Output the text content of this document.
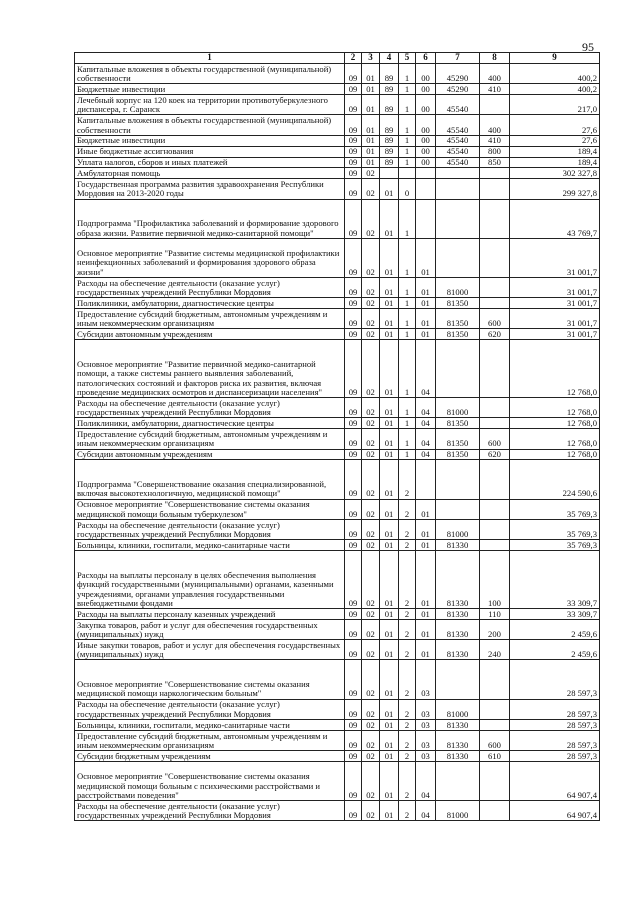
95
1	2	3	4	5	6	7	8	9
Капитальные вложения в объекты государственной (муниципальной) собственности	09	01	89	1	00	45290	400	400,2
Бюджетные инвестиции	09	01	89	1	00	45290	410	400,2
Лечебный корпус на 120 коек на территории противотуберкулезного диспансера, г. Саранск	09	01	89	1	00	45540		217,0
Капитальные вложения в объекты государственной (муниципальной) собственности	09	01	89	1	00	45540	400	27,6
Бюджетные инвестиции	09	01	89	1	00	45540	410	27,6
Иные бюджетные ассигнования	09	01	89	1	00	45540	800	189,4
Уплата налогов, сборов и иных платежей	09	01	89	1	00	45540	850	189,4
Амбулаторная помощь	09	02						302 327,8
Государственная программа развития здравоохранения Республики Мордовия на 2013-2020 годы	09	02	01	0				299 327,8
Подпрограмма "Профилактика заболеваний и формирование здорового образа жизни. Развитие первичной медико-санитарной помощи"	09	02	01	1				43 769,7
Основное мероприятие "Развитие системы медицинской профилактики неинфекционных заболеваний и формирования здорового образа жизни"	09	02	01	1	01			31 001,7
Расходы на обеспечение деятельности (оказание услуг) государственных учреждений Республики Мордовия	09	02	01	1	01	81000		31 001,7
Поликлиники, амбулатории, диагностические центры	09	02	01	1	01	81350		31 001,7
Предоставление субсидий бюджетным, автономным учреждениям и иным некоммерческим организациям	09	02	01	1	01	81350	600	31 001,7
Субсидии автономным учреждениям	09	02	01	1	01	81350	620	31 001,7
Основное мероприятие "Развитие первичной медико-санитарной помощи, а также системы раннего выявления заболеваний, патологических состояний и факторов риска их развития, включая проведение медицинских осмотров и диспансеризации населения"	09	02	01	1	04			12 768,0
Расходы на обеспечение деятельности (оказание услуг) государственных учреждений Республики Мордовия	09	02	01	1	04	81000		12 768,0
Поликлиники, амбулатории, диагностические центры	09	02	01	1	04	81350		12 768,0
Предоставление субсидий бюджетным, автономным учреждениям и иным некоммерческим организациям	09	02	01	1	04	81350	600	12 768,0
Субсидии автономным учреждениям	09	02	01	1	04	81350	620	12 768,0
Подпрограмма "Совершенствование оказания специализированной, включая высокотехнологичную, медицинской помощи"	09	02	01	2				224 590,6
Основное мероприятие "Совершенствование системы оказания медицинской помощи больным туберкулезом"	09	02	01	2	01			35 769,3
Расходы на обеспечение деятельности (оказание услуг) государственных учреждений Республики Мордовия	09	02	01	2	01	81000		35 769,3
Больницы, клиники, госпитали, медико-санитарные части	09	02	01	2	01	81330		35 769,3
Расходы на выплаты персоналу в целях обеспечения выполнения функций государственными (муниципальными) органами, казенными учреждениями, органами управления государственными внебюджетными фондами	09	02	01	2	01	81330	100	33 309,7
Расходы на выплаты персоналу казенных учреждений	09	02	01	2	01	81330	110	33 309,7
Закупка товаров, работ и услуг для обеспечения государственных (муниципальных) нужд	09	02	01	2	01	81330	200	2 459,6
Иные закупки товаров, работ и услуг для обеспечения государственных (муниципальных) нужд	09	02	01	2	01	81330	240	2 459,6
Основное мероприятие "Совершенствование системы оказания медицинской помощи наркологическим больным"	09	02	01	2	03			28 597,3
Расходы на обеспечение деятельности (оказание услуг) государственных учреждений Республики Мордовия	09	02	01	2	03	81000		28 597,3
Больницы, клиники, госпитали, медико-санитарные части	09	02	01	2	03	81330		28 597,3
Предоставление субсидий бюджетным, автономным учреждениям и иным некоммерческим организациям	09	02	01	2	03	81330	600	28 597,3
Субсидии бюджетным учреждениям	09	02	01	2	03	81330	610	28 597,3
Основное мероприятие "Совершенствование системы оказания медицинской помощи больным с психическими расстройствами и расстройствами поведения"	09	02	01	2	04			64 907,4
Расходы на обеспечение деятельности (оказание услуг) государственных учреждений Республики Мордовия	09	02	01	2	04	81000		64 907,4
